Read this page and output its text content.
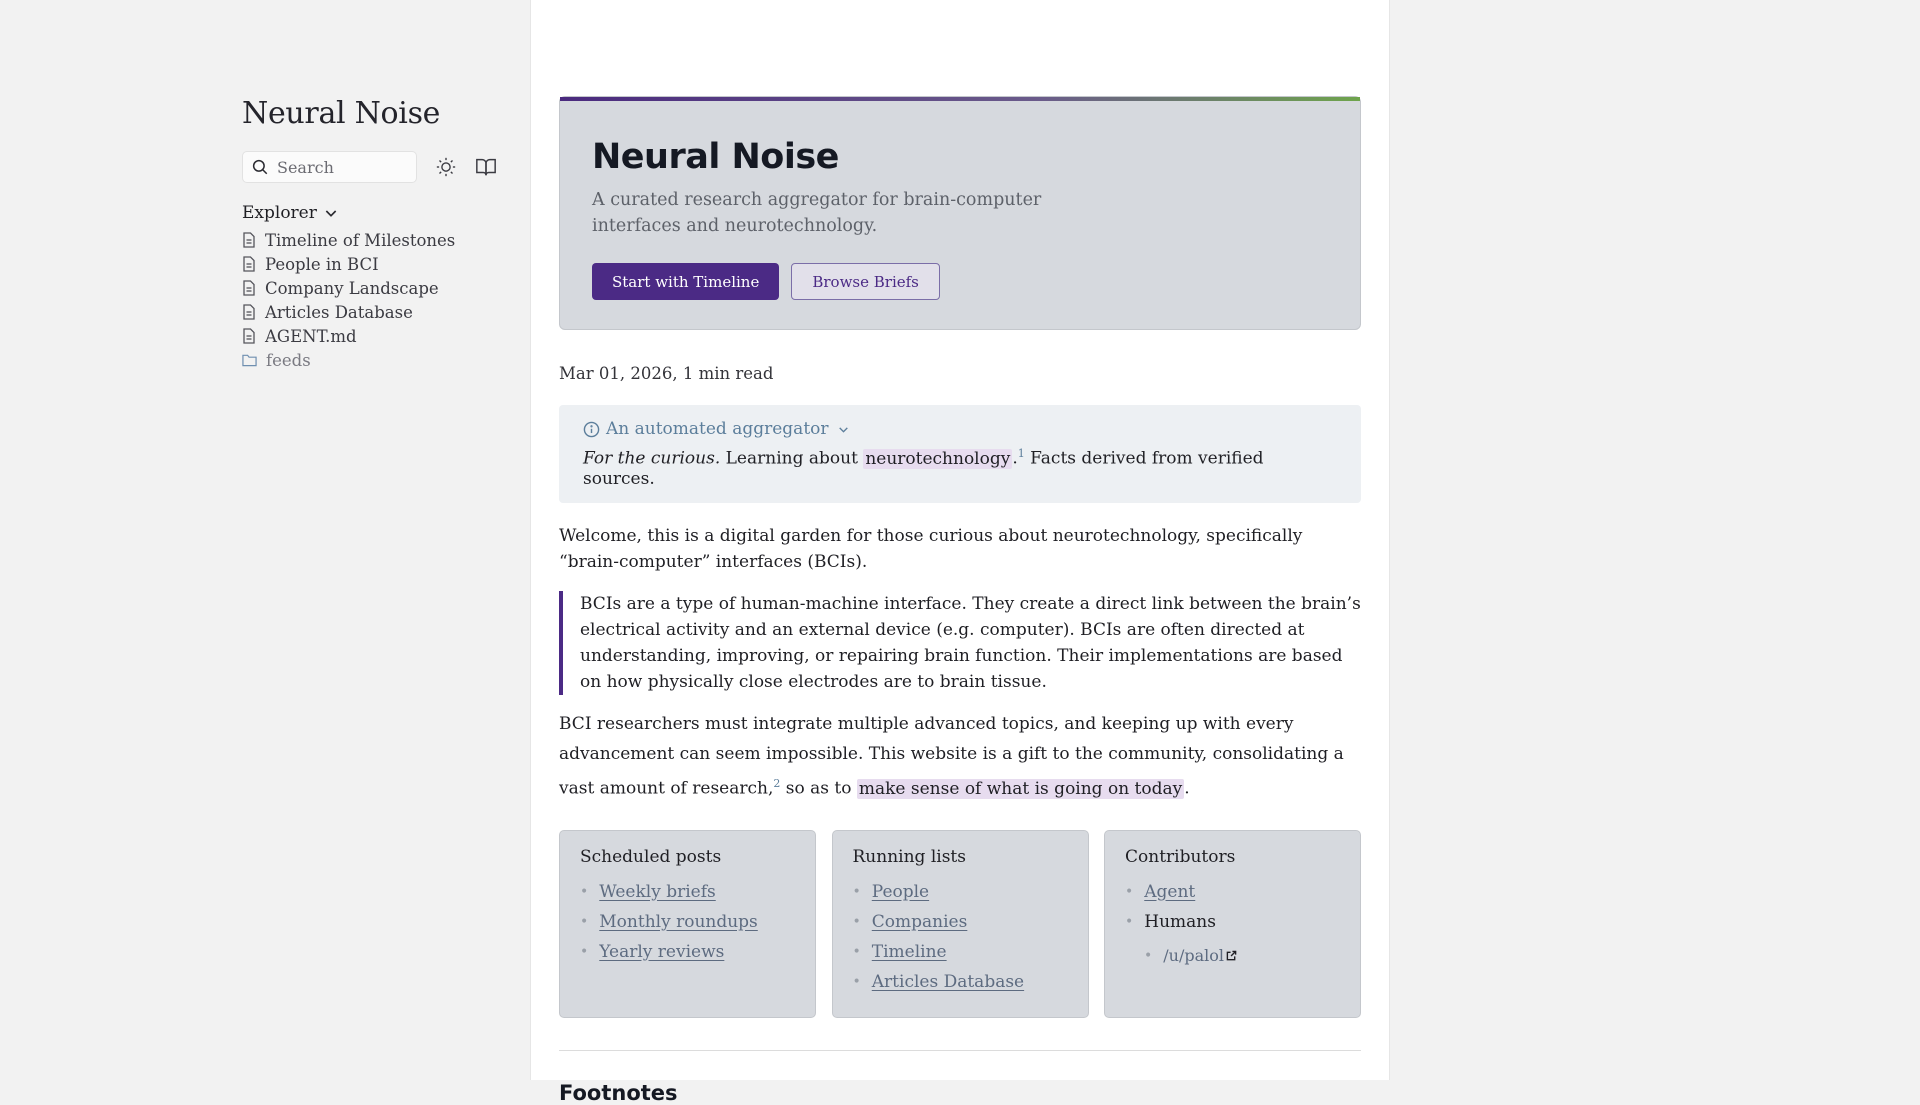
Neural Noise
Search
Explorer
Timeline of Milestones
People in BCI
Company Landscape
Articles Database
AGENT.md
feeds
Neural Noise

A curated research aggregator for brain-computer interfaces and neurotechnology.

Start with Timeline	Browse Briefs
Mar 01, 2026, 1 min read
An automated aggregator
For the curious. Learning about neurotechnology .$^1$ Facts derived from verified sources.

Welcome, this is a digital garden for those curious about neurotechnology, specifically “brain-computer” interfaces (BCIs).

BCIs are a type of human-machine interface. They create a direct link between the brain’s electrical activity and an external device (e.g. computer). BCIs are often directed at understanding, improving, or repairing brain function. Their implementations are based on how physically close electrodes are to brain tissue.

BCI researchers must integrate multiple advanced topics, and keeping up with every advancement can seem impossible. This website is a gift to the community, consolidating a vast amount of research,$^2$ so as to make sense of what is going on today .

Scheduled posts
• Weekly briefs
• Monthly roundups
• Yearly reviews
Running lists
• People
• Companies
• Timeline
• Articles Database
Contributors
• Agent
• Humans
• /u/palol
Footnotes
